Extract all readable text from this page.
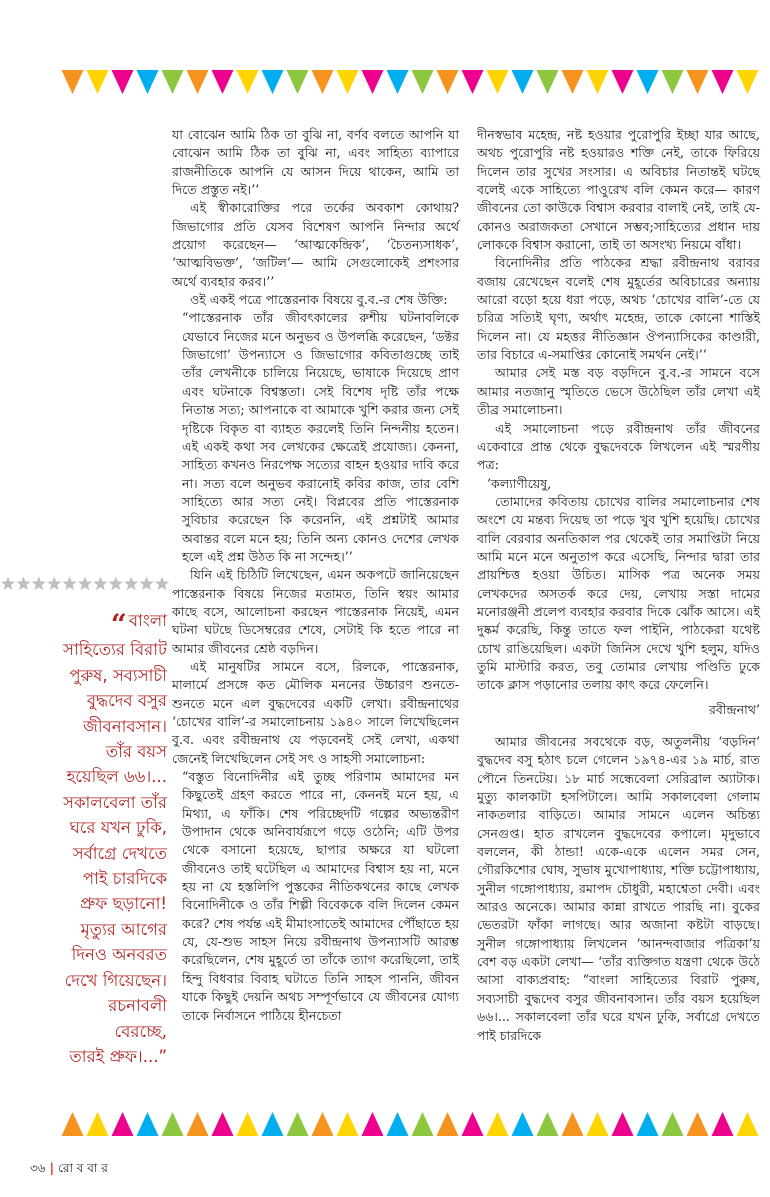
“ বাংলা

সাহিত্যের বিরাট

পুরুষ, সব্যসাচী

বুদ্ধদেব বসুর

জীবনাবসান।

তাঁর বয়স

হয়েছিল ৬৬।...

সকালবেলা তাঁর

ঘরে যখন ঢুকি,

সর্বাগ্রে দেখতে

পাই চারদিকে

প্রুফ ছড়ানো!

মৃত্যুর আগের

দিনও অনবরত

দেখে গিয়েছেন।

রচনাবলী

বেরচ্ছে,

তারই প্রুফ।...”

যা বোঝেন আমি ঠিক তা বুঝি না, বর্ণব বলতে আপনি যা বোঝেন আমি ঠিক তা বুঝি না, এবং সাহিত্য ব্যাপারে রাজনীতিকে আপনি যে আসন দিয়ে থাকেন, আমি তা দিতে প্রস্তুত নই।’’

এই স্বীকারোক্তির পরে তর্কের অবকাশ কোথায়? জিভাগোর প্রতি যেসব বিশেষণ আপনি নিন্দার অর্থে প্রয়োগ করেছেন— ‘আত্মকেন্দ্রিক’, ‘চৈতন্যসাধক’, ‘আত্মবিভক্ত’, ‘জটিল’— আমি সেগুলোকেই প্রশংসার অর্থে ব্যবহার করব।’’

ওই একই পত্রে পাস্তেরনাক বিষয়ে বু.ব.-র শেষ উক্তি:

“পাস্তেরনাক তাঁর জীবৎকালের রুশীয় ঘটনাবলিকে যেভাবে নিজের মনে অনুভব ও উপলব্ধি করেছেন, ‘ডক্টর জিভাগো’ উপন্যাসে ও জিভাগোর কবিতাগুচ্ছে তাই তাঁর লেখনীকে চালিয়ে নিয়েছে, ভাষাকে দিয়েছে প্রাণ এবং ঘটনাকে বিশ্বস্ততা। সেই বিশেষ দৃষ্টি তাঁর পক্ষে নিতান্ত সত্য; আপনাকে বা আমাকে খুশি করার জন্য সেই দৃষ্টিকে বিকৃত বা ব্যাহত করলেই তিনি নিন্দনীয় হতেন। এই একই কথা সব লেখকের ক্ষেত্রেই প্রযোজ্য। কেননা, সাহিত্য কখনও নিরপেক্ষ সত্যের বাহন হওয়ার দাবি করে না। সত্য বলে অনুভব করানোই কবির কাজ, তার বেশি সাহিত্যে আর সত্য নেই। বিপ্লবের প্রতি পাস্তেরনাক সুবিচার করেছেন কি করেননি, এই প্রশ্নটাই আমার অবান্তর বলে মনে হয়; তিনি অন্য কোনও দেশের লেখক হলে এই প্রশ্ন উঠত কি না সন্দেহ।’’

যিনি এই চিঠিটি লিখেছেন, এমন অকপটে জানিয়েছেন পাস্তেরনাক বিষয়ে নিজের মতামত, তিনি স্বয়ং আমার কাছে বসে, আলোচনা করছেন পাস্তেরনাক নিয়েই, এমন ঘটনা ঘটছে ডিসেম্বরের শেষে, সেটাই কি হতে পারে না আমার জীবনের শ্রেষ্ঠ বড়দিন।

এই মানুষটির সামনে বসে, রিলকে, পাস্তেরনাক, মালার্মে প্রসঙ্গে কত মৌলিক মননের উচ্চারণ শুনতে-শুনতে মনে এল বুদ্ধদেবের একটি লেখা। রবীন্দ্রনাথের ‘চোখের বালি’-র সমালোচনায় ১৯৪০ সালে লিখেছিলেন বু.ব. এবং রবীন্দ্রনাথ যে পড়বেনই সেই লেখা, একথা জেনেই লিখেছিলেন সেই সৎ ও সাহসী সমালোচনা:

“বস্তুত বিনোদিনীর এই তুচ্ছ পরিণাম আমাদের মন কিছুতেই গ্রহণ করতে পারে না, কেননই মনে হয়, এ মিথ্যা, এ ফাঁকি। শেষ পরিচ্ছেদটি গল্পের অভ্যন্তরীণ উপাদান থেকে অনিবার্যরূপে গড়ে ওঠেনি; এটি উপর থেকে বসানো হয়েছে, ছাপার অক্ষরে যা ঘটলো জীবনেও তাই ঘটেছিল এ আমাদের বিশ্বাস হয় না, মনে হয় না যে হস্তলিপি পুস্তকের নীতিকথনের কাছে লেখক বিনোদিনীকে ও তাঁর শিল্পী বিবেককে বলি দিলেন কেমন করে? শেষ পর্যন্ত এই মীমাংসাতেই আমাদের পৌঁছাতে হয় যে, যে-শুভ সাহস নিয়ে রবীন্দ্রনাথ উপন্যাসটি আরম্ভ করেছিলেন, শেষ মুহূর্তে তা তাঁকে ত্যাগ করেছিলো, তাই হিন্দু বিধবার বিবাহ ঘটাতে তিনি সাহস পাননি, জীবন যাকে কিছুই দেয়নি অথচ সম্পূর্ণভাবে যে জীবনের যোগ্য তাকে নির্বাসনে পাঠিয়ে হীনচেতা

দীনস্বভাব মহেন্দ্র, নষ্ট হওয়ার পুরোপুরি ইচ্ছা যার আছে, অথচ পুরোপুরি নষ্ট হওয়ারও শক্তি নেই, তাকে ফিরিয়ে দিলেন তার সুখের সংসার। এ অবিচার নিতান্তই ঘটছে বলেই একে সাহিত্যে পাওুরেখ বলি কেমন করে— কারণ জীবনের তো কাউকে বিশ্বাস করবার বালাই নেই, তাই যে-কোনও অরাজকতা সেখানে সম্ভব;সাহিত্যের প্রধান দায় লোককে বিশ্বাস করানো, তাই তা অসংখ্য নিয়মে বাঁধা।

বিনোদিনীর প্রতি পাঠকের শ্রদ্ধা রবীন্দ্রনাথ বরাবর বজায় রেখেছেন বলেই শেষ মুহূর্তের অবিচারের অন্যায় আরো বড়ো হয়ে ধরা পড়ে, অথচ ‘চোখের বালি’-তে যে চরিত্র সত্যিই ঘৃণ্য, অর্থাৎ মহেন্দ্র, তাকে কোনো শাস্তিই দিলেন না। যে মহত্তর নীতিজ্ঞান ঔপন্যাসিকের কাণ্ডারী, তার বিচারে এ-সমাপ্তির কোনোই সমর্থন নেই।’’

আমার সেই মস্ত বড় বড়দিনে বু.ব.-র সামনে বসে আমার নতজানু স্মৃতিতে ভেসে উঠেছিল তাঁর লেখা এই তীব্র সমালোচনা।

এই সমালোচনা পড়ে রবীন্দ্রনাথ তাঁর জীবনের একেবারে প্রান্ত থেকে বুদ্ধদেবকে লিখলেন এই স্মরণীয় পত্র:

‘কল্যাণীয়েষু,

তোমাদের কবিতায় চোখের বালির সমালোচনার শেষ অংশে যে মন্তব্য দিয়েছ তা পড়ে খুব খুশি হয়েছি। চোখের বালি বেরবার অনতিকাল পর থেকেই তার সমাপ্তিটা নিয়ে আমি মনে মনে অনুতাপ করে এসেছি, নিন্দার দ্বারা তার প্রায়শ্চিত্ত হওয়া উচিত। মাসিক পত্র অনেক সময় লেখকদের অসতর্ক করে দেয়, লেখায় সস্তা দামের মনোরঞ্জনী প্রলেপ ব্যবহার করবার দিকে ঝোঁক আসে। এই দুষ্কর্ম করেছি, কিন্তু তাতে ফল পাইনি, পাঠকেরা যথেষ্ট চোখ রাঙিয়েছিল। একটা জিনিস দেখে খুশি হলুম, যদিও তুমি মাস্টারি করত, তবু তোমার লেখায় পণ্ডিতি ঢুকে তাকে ক্লাস পড়ানোর তলায় কাৎ করে ফেলেনি।

রবীন্দ্রনাথ’

আমার জীবনের সবথেকে বড়, অতুলনীয় ‘বড়দিন’ বুদ্ধদেব বসু হঠাৎ চলে গেলেন ১৯৭৪-এর ১৯ মার্চ, রাত পৌনে তিনটেয়। ১৮ মার্চ সন্ধেবেলা সেরিব্রাল অ্যাটাক। মুত্যু কালকাটা হসপিটালে। আমি সকালবেলা গেলাম নাকতলার বাড়িতে। আমার সামনে এলেন অচিন্ত্য সেনগুপ্ত। হাত রাখলেন বুদ্ধদেবের কপালে। মৃদুভাবে বললেন, কী ঠান্ডা! একে-একে এলেন সমর সেন, গৌরকিশোর ঘোষ, সুভাষ মুখোপাধ্যায়, শক্তি চট্টোপাধ্যায়, সুনীল গঙ্গোপাধ্যায়, রমাপদ চৌধুরী, মহাশ্বেতা দেবী। এবং আরও অনেকে। আমার কান্না রাখতে পারছি না। বুকের ভেতরটা ফাঁকা লাগছে। আর অজানা কষ্টটা বাড়ছে। সুনীল গঙ্গোপাধ্যায় লিখলেন ‘আনন্দবাজার পত্রিকা’য় বেশ বড় একটা লেখা— ‘তাঁর ব্যক্তিগত যন্ত্রণা থেকে উঠে আসা বাক্যপ্রবাহ: “বাংলা সাহিত্যের বিরাট পুরুষ, সব্যসাচী বুদ্ধদেব বসুর জীবনাবসান। তাঁর বয়স হয়েছিল ৬৬।... সকালবেলা তাঁর ঘরে যখন ঢুকি, সর্বাগ্রে দেখতে পাই চারদিকে

৩৬ | রো ব বা র
